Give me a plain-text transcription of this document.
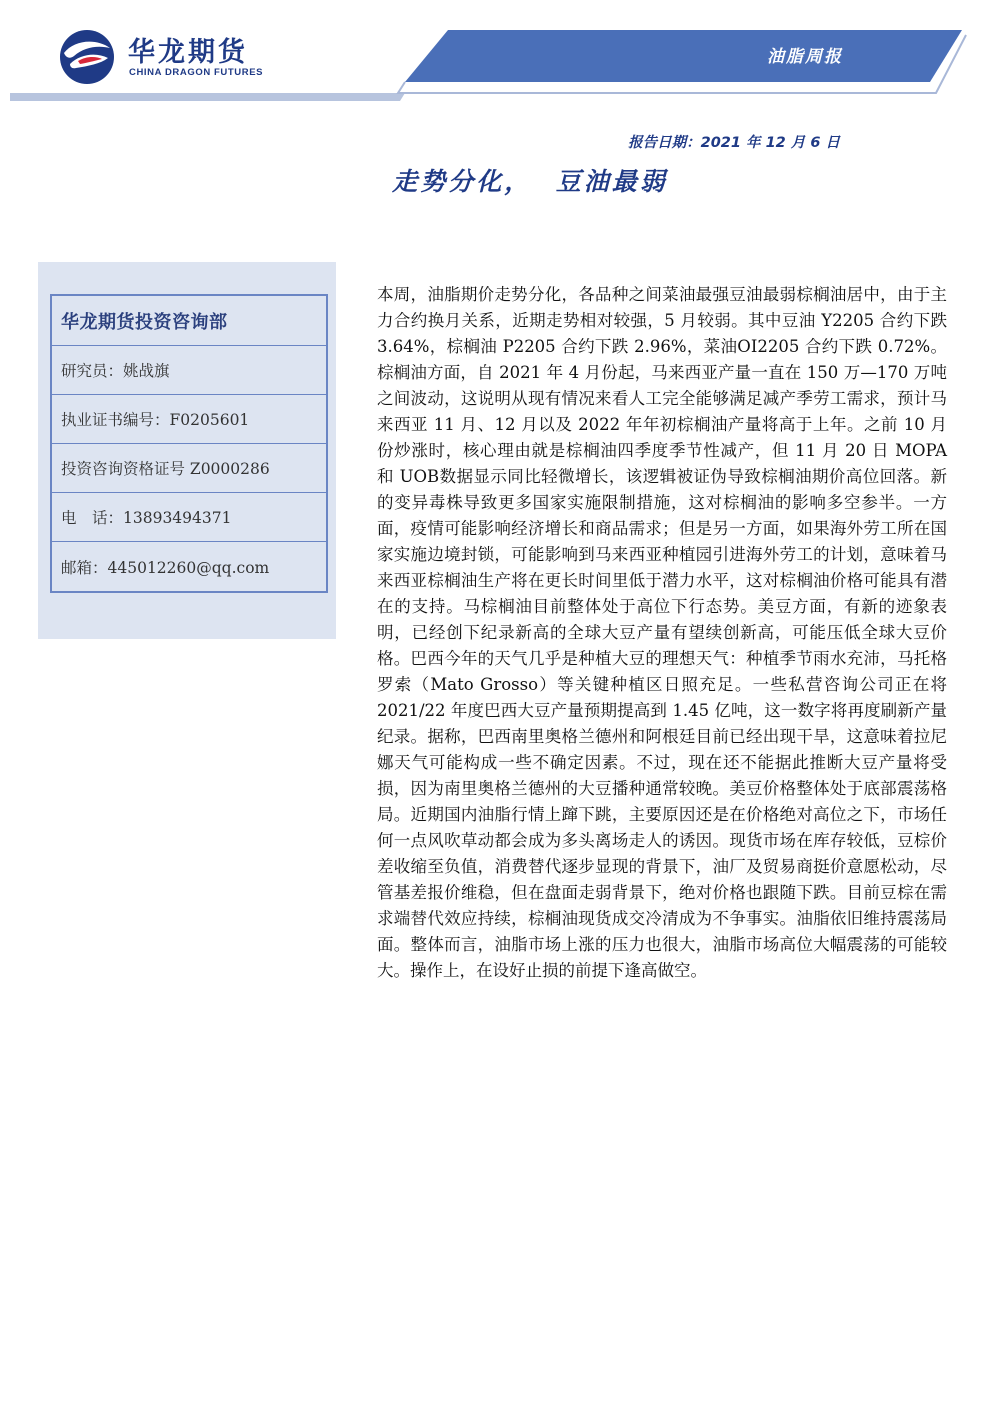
华龙期货
CHINA DRAGON FUTURES
油脂周报
报告日期：2021 年 12 月 6 日
走势分化，  豆油最弱
华龙期货投资咨询部
研究员：姚战旗
执业证书编号：F0205601
投资咨询资格证号 Z0000286
电　话：13893494371
邮箱：445012260@qq.com

本周，油脂期价走势分化，各品种之间菜油最强豆油最弱棕榈油居中，由于主力合约换月关系，近期走势相对较强，5 月较弱。其中豆油 Y2205 合约下跌 3.64%，棕榈油 P2205 合约下跌 2.96%，菜油OI2205 合约下跌 0.72%。棕榈油方面，自 2021 年 4 月份起，马来西亚产量一直在 150 万—170 万吨之间波动，这说明从现有情况来看人工完全能够满足减产季劳工需求，预计马来西亚 11 月、12 月以及 2022 年年初棕榈油产量将高于上年。之前 10 月份炒涨时，核心理由就是棕榈油四季度季节性减产，但 11 月 20 日 MOPA 和 UOB数据显示同比轻微增长，该逻辑被证伪导致棕榈油期价高位回落。新的变异毒株导致更多国家实施限制措施，这对棕榈油的影响多空参半。一方面，疫情可能影响经济增长和商品需求；但是另一方面，如果海外劳工所在国家实施边境封锁，可能影响到马来西亚种植园引进海外劳工的计划，意味着马来西亚棕榈油生产将在更长时间里低于潜力水平，这对棕榈油价格可能具有潜在的支持。马棕榈油目前整体处于高位下行态势。美豆方面，有新的迹象表明，已经创下纪录新高的全球大豆产量有望续创新高，可能压低全球大豆价格。巴西今年的天气几乎是种植大豆的理想天气：种植季节雨水充沛，马托格罗索（Mato Grosso）等关键种植区日照充足。一些私营咨询公司正在将 2021/22 年度巴西大豆产量预期提高到 1.45 亿吨，这一数字将再度刷新产量纪录。据称，巴西南里奥格兰德州和阿根廷目前已经出现干旱，这意味着拉尼娜天气可能构成一些不确定因素。不过，现在还不能据此推断大豆产量将受损，因为南里奥格兰德州的大豆播种通常较晚。美豆价格整体处于底部震荡格局。近期国内油脂行情上蹿下跳，主要原因还是在价格绝对高位之下，市场任何一点风吹草动都会成为多头离场走人的诱因。现货市场在库存较低，豆棕价差收缩至负值，消费替代逐步显现的背景下，油厂及贸易商挺价意愿松动，尽管基差报价维稳，但在盘面走弱背景下，绝对价格也跟随下跌。目前豆棕在需求端替代效应持续，棕榈油现货成交冷清成为不争事实。油脂依旧维持震荡局面。整体而言，油脂市场上涨的压力也很大，油脂市场高位大幅震荡的可能较大。操作上，在设好止损的前提下逢高做空。
